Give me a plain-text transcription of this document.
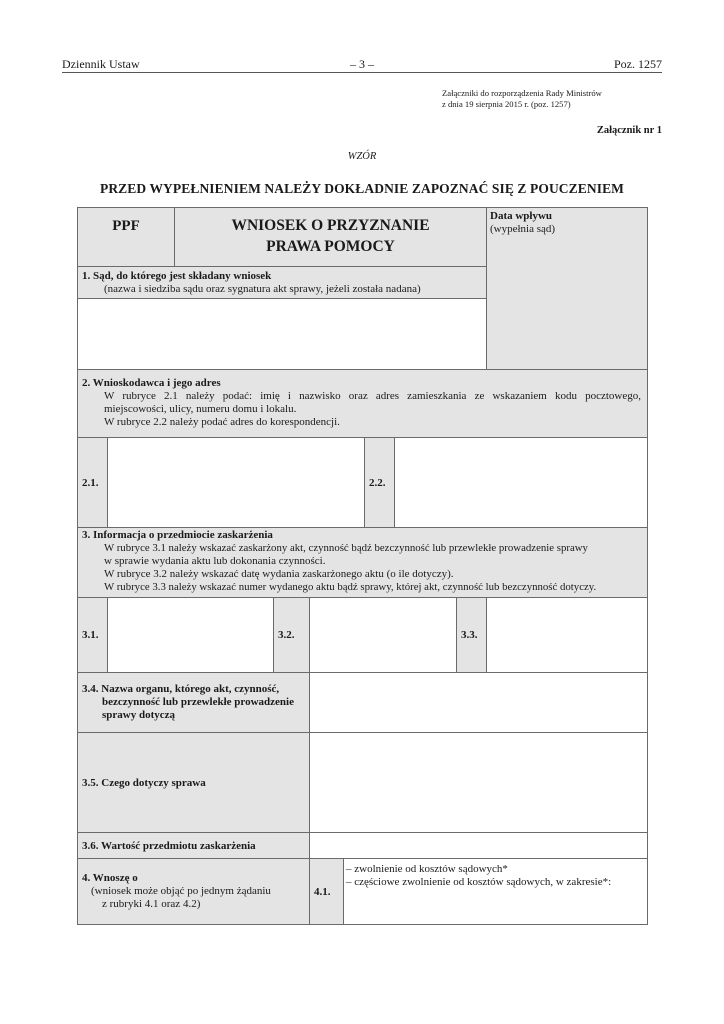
Dziennik Ustaw	– 3 –	Poz. 1257
Załączniki do rozporządzenia Rady Ministrów
z dnia 19 sierpnia 2015 r. (poz. 1257)
Załącznik nr 1
WZÓR
PRZED WYPEŁNIENIEM NALEŻY DOKŁADNIE ZAPOZNAĆ SIĘ Z POUCZENIEM
PPF	WNIOSEK O PRZYZNANIE
PRAWA POMOCY
Data wpływu
(wypełnia sąd)
1. Sąd, do którego jest składany wniosek
(nazwa i siedziba sądu oraz sygnatura akt sprawy, jeżeli została nadana)
2. Wnioskodawca i jego adres
W rubryce 2.1 należy podać: imię i nazwisko oraz adres zamieszkania ze wskazaniem kodu pocztowego,
miejscowości, ulicy, numeru domu i lokalu.
W rubryce 2.2 należy podać adres do korespondencji.
2.1.	2.2.
3. Informacja o przedmiocie zaskarżenia
W rubryce 3.1 należy wskazać zaskarżony akt, czynność bądź bezczynność lub przewlekłe prowadzenie sprawy
w sprawie wydania aktu lub dokonania czynności.
W rubryce 3.2 należy wskazać datę wydania zaskarżonego aktu (o ile dotyczy).
W rubryce 3.3 należy wskazać numer wydanego aktu bądź sprawy, której akt, czynność lub bezczynność dotyczy.
3.1.	3.2.	3.3.
3.4. Nazwa organu, którego akt, czynność,
bezczynność lub przewlekłe prowadzenie
sprawy dotyczą
3.5. Czego dotyczy sprawa
3.6. Wartość przedmiotu zaskarżenia
4. Wnoszę o
(wniosek może objąć po jednym żądaniu
z rubryki 4.1 oraz 4.2)
4.1.
– zwolnienie od kosztów sądowych*
– częściowe zwolnienie od kosztów sądowych, w zakresie*:
